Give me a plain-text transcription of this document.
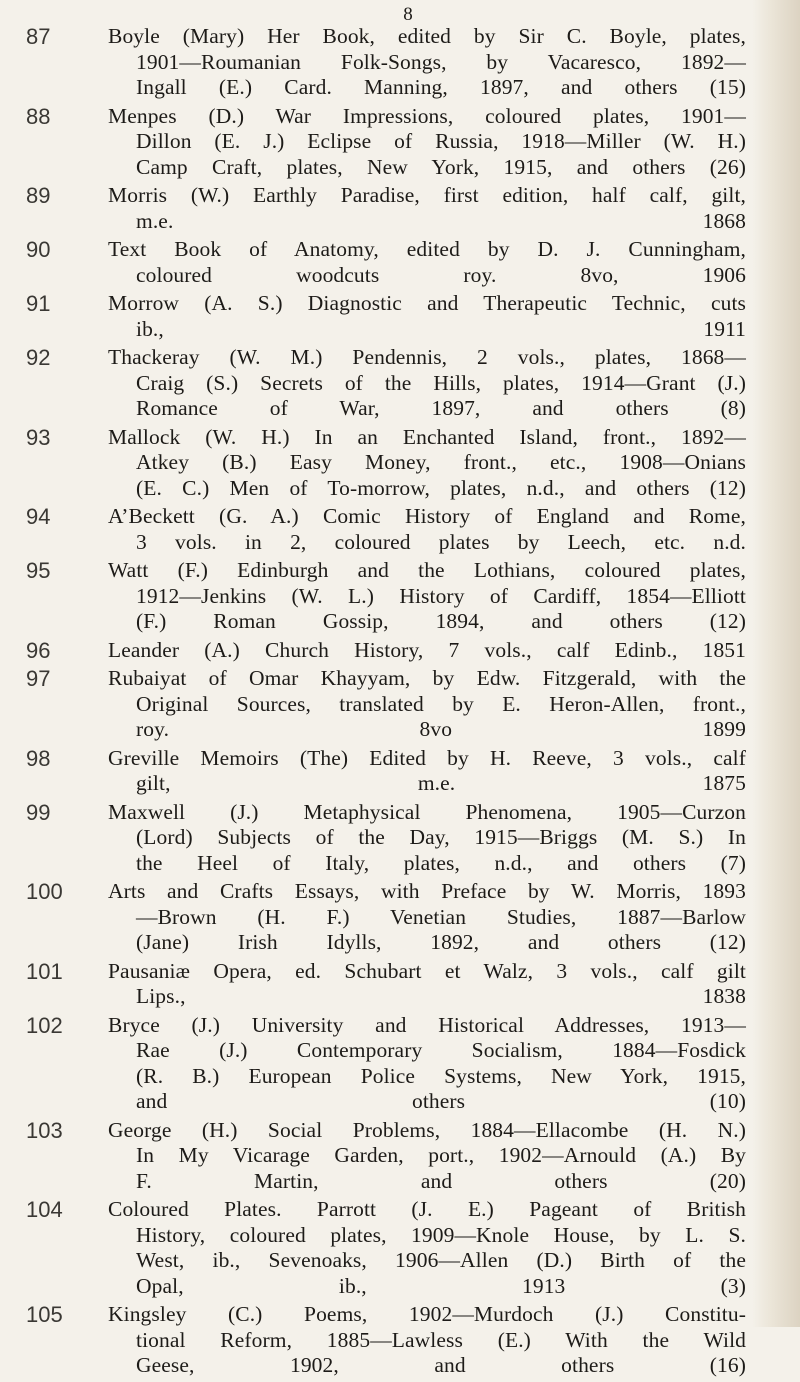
8
87	Boyle (Mary) Her Book, edited by Sir C. Boyle, plates,
1901—Roumanian Folk-Songs, by Vacaresco, 1892—
Ingall (E.) Card. Manning, 1897, and others (15)
88	Menpes (D.) War Impressions, coloured plates, 1901—
Dillon (E. J.) Eclipse of Russia, 1918—Miller (W. H.)
Camp Craft, plates, New York, 1915, and others (26)
89	Morris (W.) Earthly Paradise, first edition, half calf, gilt,
m.e. 1868
90	Text Book of Anatomy, edited by D. J. Cunningham,
coloured woodcuts roy. 8vo, 1906
91	Morrow (A. S.) Diagnostic and Therapeutic Technic, cuts
ib., 1911
92	Thackeray (W. M.) Pendennis, 2 vols., plates, 1868—
Craig (S.) Secrets of the Hills, plates, 1914—Grant (J.)
Romance of War, 1897, and others (8)
93	Mallock (W. H.) In an Enchanted Island, front., 1892—
Atkey (B.) Easy Money, front., etc., 1908—Onians
(E. C.) Men of To-morrow, plates, n.d., and others (12)
94	A’Beckett (G. A.) Comic History of England and Rome,
3 vols. in 2, coloured plates by Leech, etc. n.d.
95	Watt (F.) Edinburgh and the Lothians, coloured plates,
1912—Jenkins (W. L.) History of Cardiff, 1854—Elliott
(F.) Roman Gossip, 1894, and others (12)
96	Leander (A.) Church History, 7 vols., calf Edinb., 1851
97	Rubaiyat of Omar Khayyam, by Edw. Fitzgerald, with the
Original Sources, translated by E. Heron-Allen, front.,
roy. 8vo 1899
98	Greville Memoirs (The) Edited by H. Reeve, 3 vols., calf
gilt, m.e. 1875
99	Maxwell (J.) Metaphysical Phenomena, 1905—Curzon
(Lord) Subjects of the Day, 1915—Briggs (M. S.) In
the Heel of Italy, plates, n.d., and others (7)
100	Arts and Crafts Essays, with Preface by W. Morris, 1893
—Brown (H. F.) Venetian Studies, 1887—Barlow
(Jane) Irish Idylls, 1892, and others (12)
101	Pausaniæ Opera, ed. Schubart et Walz, 3 vols., calf gilt
Lips., 1838
102	Bryce (J.) University and Historical Addresses, 1913—
Rae (J.) Contemporary Socialism, 1884—Fosdick
(R. B.) European Police Systems, New York, 1915,
and others (10)
103	George (H.) Social Problems, 1884—Ellacombe (H. N.)
In My Vicarage Garden, port., 1902—Arnould (A.) By
F. Martin, and others (20)
104	Coloured Plates. Parrott (J. E.) Pageant of British
History, coloured plates, 1909—Knole House, by L. S.
West, ib., Sevenoaks, 1906—Allen (D.) Birth of the
Opal, ib., 1913 (3)
105	Kingsley (C.) Poems, 1902—Murdoch (J.) Constitu-
tional Reform, 1885—Lawless (E.) With the Wild
Geese, 1902, and others (16)
